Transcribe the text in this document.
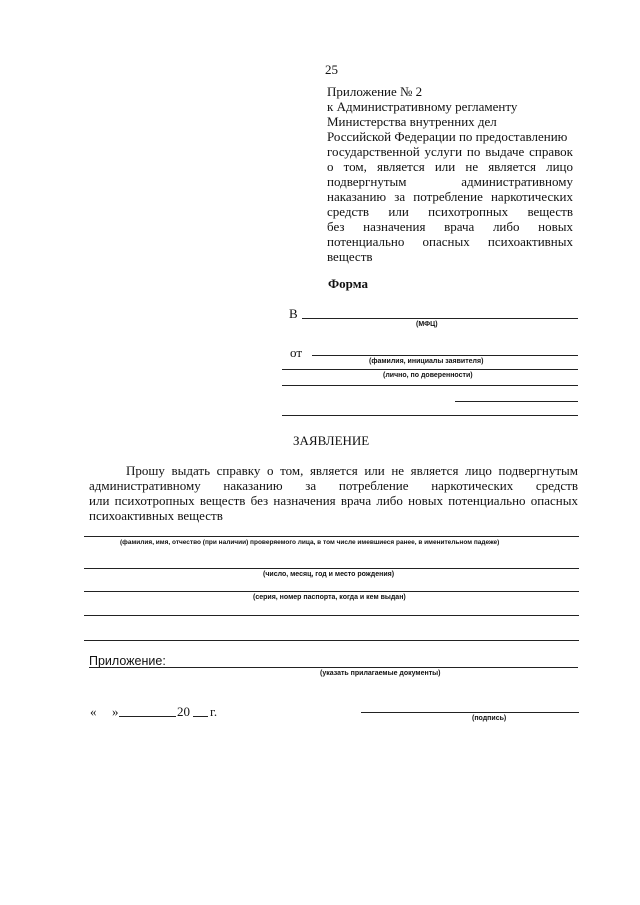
25
Приложение № 2
к Административному регламенту
Министерства внутренних дел
Российской Федерации по предоставлению
государственной услуги по выдаче справок
о том, является или не является лицо
подвергнутым административному
наказанию за потребление наркотических
средств или психотропных веществ
без назначения врача либо новых
потенциально опасных психоактивных
веществ
Форма
В
(МФЦ)
от
(фамилия, инициалы заявителя)
(лично, по доверенности)
ЗАЯВЛЕНИЕ
Прошу выдать справку о том, является или не является лицо подвергнутым
административному наказанию за потребление наркотических средств
или психотропных веществ без назначения врача либо новых потенциально опасных
психоактивных веществ
(фамилия, имя, отчество (при наличии) проверяемого лица, в том числе имевшиеся ранее, в именительном падеже)
(число, месяц, год и место рождения)
(серия, номер паспорта, когда и кем выдан)
Приложение:
(указать прилагаемые документы)
« »	20 г.	(подпись)
